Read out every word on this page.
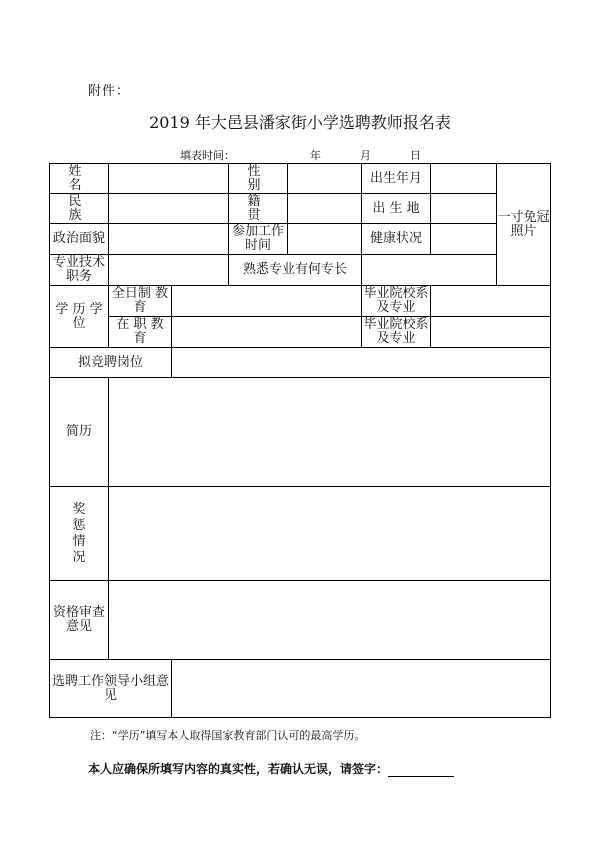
附件：
2019 年大邑县潘家街小学选聘教师报名表
填表时间：	年	月	日
姓 名			性 别		出生年月		一寸免冠照片
民 族			籍 贯		出 生 地		
政治面貌			参加工作时间		健康状况		
专业技术职务			熟悉专业有何专长				
学 历 学 位	全日制 教 育				毕业院校系及专业		
	在 职 教 育				毕业院校系及专业		
拟竞聘岗位							
简历							

奖惩情况							

资格审查意见							
选聘工作领导小组意见							
注：“学历”填写本人取得国家教育部门认可的最高学历。
本人应确保所填写内容的真实性，若确认无误，请签字：
